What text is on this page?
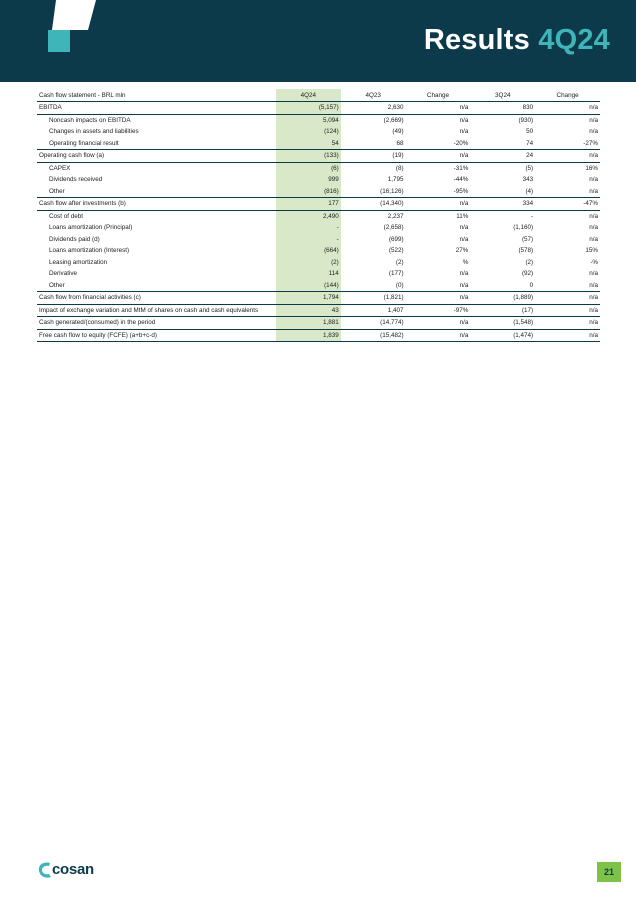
Results 4Q24
Cash flow statement - BRL mln	4Q24	4Q23	Change	3Q24	Change
EBITDA	(5,157)	2,630	n/a	830	n/a
Noncash impacts on EBITDA	5,094	(2,669)	n/a	(930)	n/a
Changes in assets and liabilities	(124)	(49)	n/a	50	n/a
Operating financial result	54	68	-20%	74	-27%
Operating cash flow (a)	(133)	(19)	n/a	24	n/a
CAPEX	(6)	(8)	-31%	(5)	16%
Dividends received	999	1,795	-44%	343	n/a
Other	(816)	(16,126)	-95%	(4)	n/a
Cash flow after investments (b)	177	(14,340)	n/a	334	-47%
Cost of debt	2,490	2,237	11%	-	n/a
Loans amortization (Principal)	-	(2,658)	n/a	(1,160)	n/a
Dividends paid (d)	-	(699)	n/a	(57)	n/a
Loans amortization (Interest)	(664)	(522)	27%	(578)	15%
Leasing amortization	(2)	(2)	%	(2)	-%
Derivative	114	(177)	n/a	(92)	n/a
Other	(144)	(0)	n/a	0	n/a
Cash flow from financial activities (c)	1,794	(1,821)	n/a	(1,889)	n/a
Impact of exchange variation and MtM of shares on cash and cash equivalents	43	1,407	-97%	(17)	n/a
Cash generated/(consumed) in the period	1,881	(14,774)	n/a	(1,548)	n/a
Free cash flow to equity (FCFE) (a+b+c-d)	1,839	(15,482)	n/a	(1,474)	n/a
cosan	21
